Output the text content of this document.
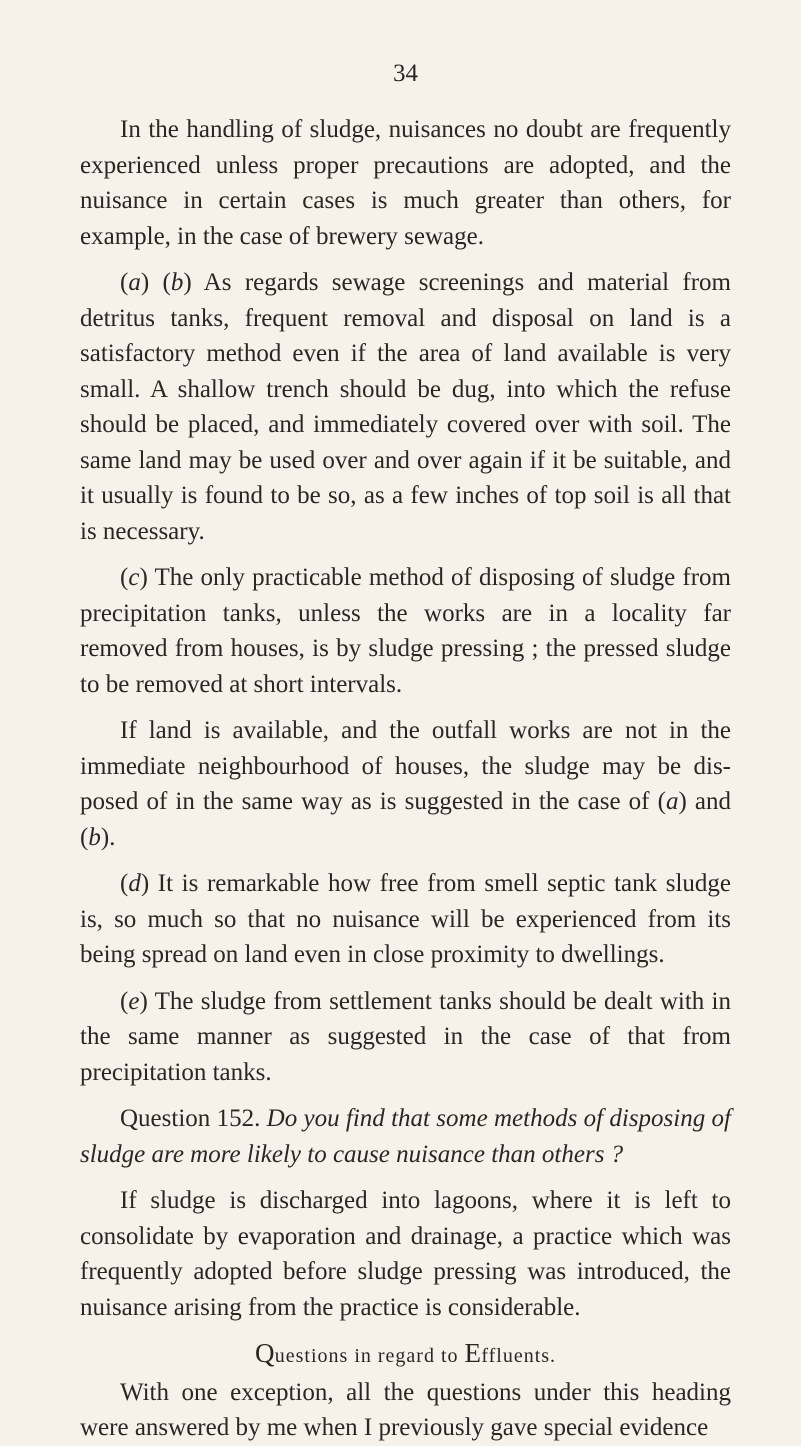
34

In the handling of sludge, nuisances no doubt are frequently experienced unless proper precautions are adopted, and the nuisance in certain cases is much greater than others, for example, in the case of brewery sewage.

(a) (b) As regards sewage screenings and material from detritus tanks, frequent removal and disposal on land is a satisfactory method even if the area of land available is very small. A shallow trench should be dug, into which the refuse should be placed, and immediately covered over with soil. The same land may be used over and over again if it be suitable, and it usually is found to be so, as a few inches of top soil is all that is necessary.

(c) The only practicable method of disposing of sludge from precipitation tanks, unless the works are in a locality far removed from houses, is by sludge pressing ; the pressed sludge to be removed at short intervals.

If land is available, and the outfall works are not in the immediate neighbourhood of houses, the sludge may be disposed of in the same way as is suggested in the case of (a) and (b).

(d) It is remarkable how free from smell septic tank sludge is, so much so that no nuisance will be experienced from its being spread on land even in close proximity to dwellings.

(e) The sludge from settlement tanks should be dealt with in the same manner as suggested in the case of that from precipitation tanks.

Question 152. Do you find that some methods of disposing of sludge are more likely to cause nuisance than others ?

If sludge is discharged into lagoons, where it is left to consolidate by evaporation and drainage, a practice which was frequently adopted before sludge pressing was introduced, the nuisance arising from the practice is considerable.

Questions in regard to Effluents.

With one exception, all the questions under this heading were answered by me when I previously gave special evidence
